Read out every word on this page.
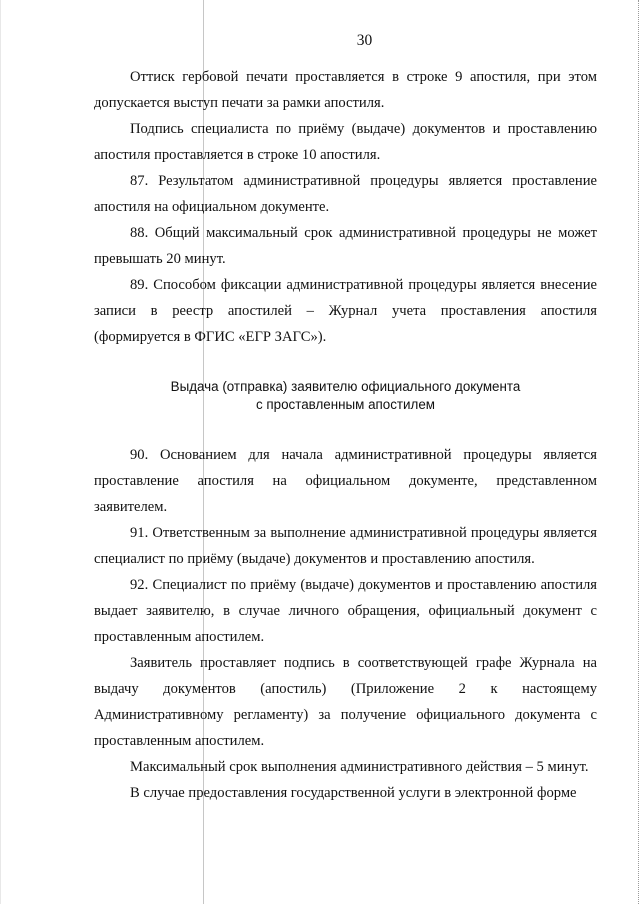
30

Оттиск гербовой печати проставляется в строке 9 апостиля, при этом допускается выступ печати за рамки апостиля.

Подпись специалиста по приёму (выдаче) документов и проставлению апостиля проставляется в строке 10 апостиля.

87. Результатом административной процедуры является проставление апостиля на официальном документе.

88. Общий максимальный срок административной процедуры не может превышать 20 минут.

89. Способом фиксации административной процедуры является внесение записи в реестр апостилей – Журнал учета проставления апостиля (формируется в ФГИС «ЕГР ЗАГС»).

Выдача (отправка) заявителю официального документа
с проставленным апостилем

90. Основанием для начала административной процедуры является проставление апостиля на официальном документе, представленном заявителем.

91. Ответственным за выполнение административной процедуры является специалист по приёму (выдаче) документов и проставлению апостиля.

92. Специалист по приёму (выдаче) документов и проставлению апостиля выдает заявителю, в случае личного обращения, официальный документ с проставленным апостилем.

Заявитель проставляет подпись в соответствующей графе Журнала на выдачу документов (апостиль) (Приложение 2 к настоящему Административному регламенту) за получение официального документа с проставленным апостилем.

Максимальный срок выполнения административного действия – 5 минут.

В случае предоставления государственной услуги в электронной форме
